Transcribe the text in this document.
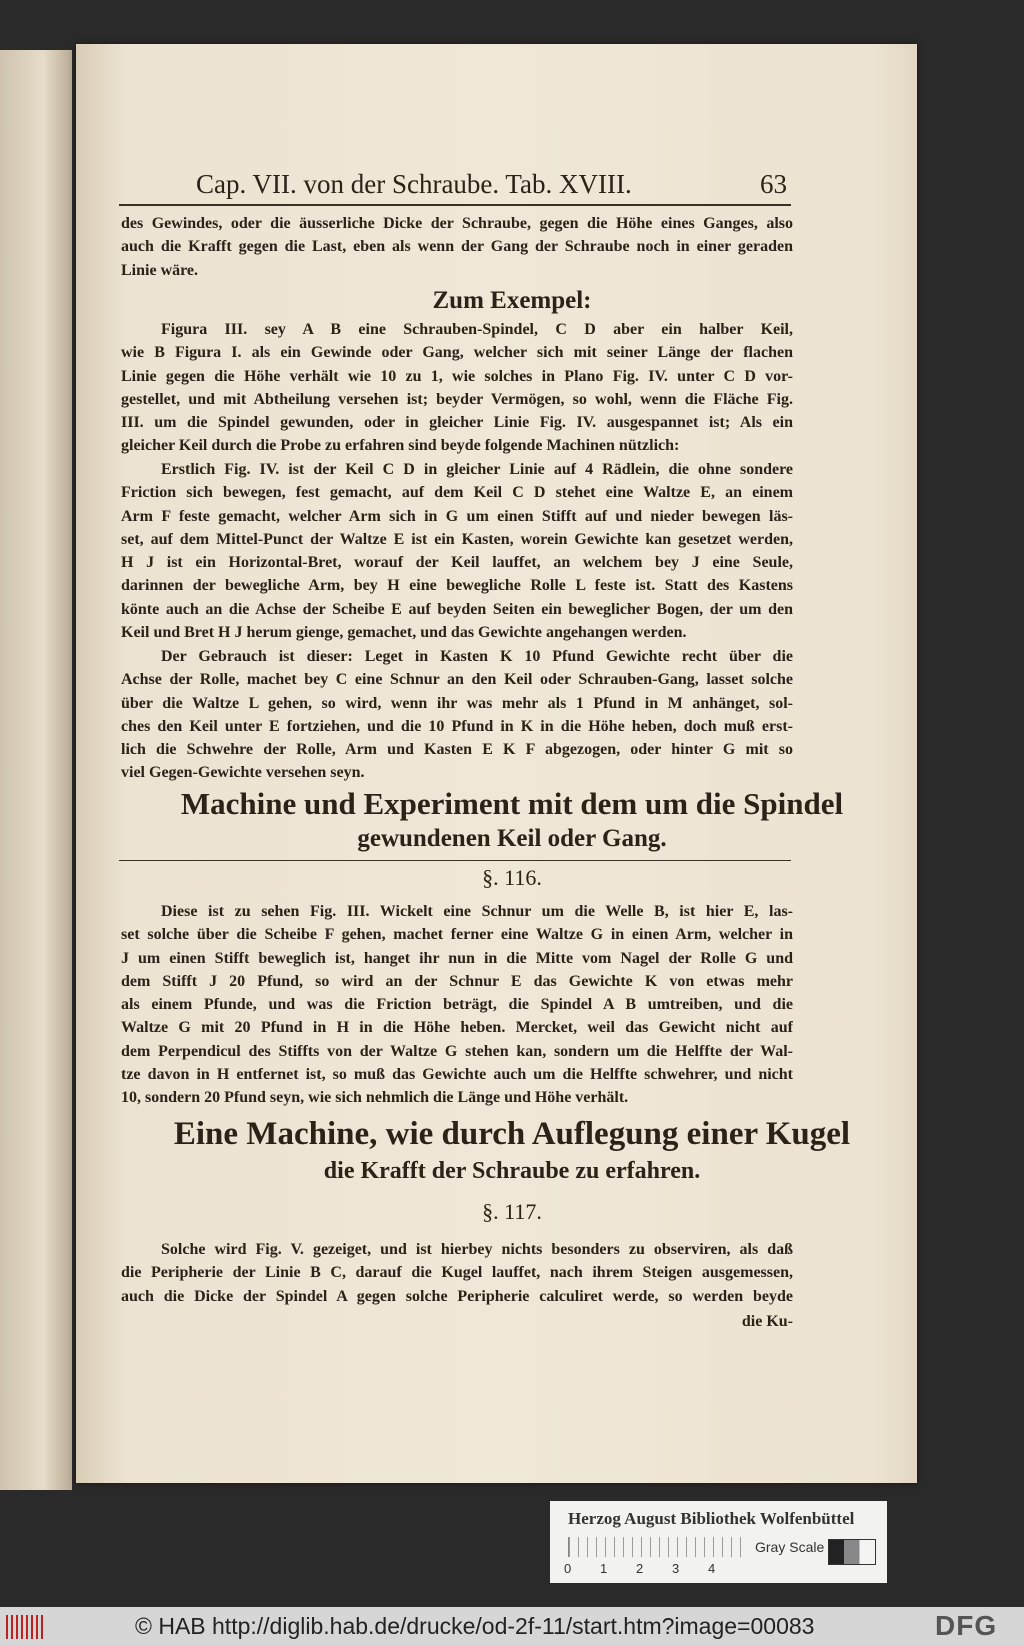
Cap. VII. von der Schraube. Tab. XVIII.	63
des Gewindes, oder die äusserliche Dicke der Schraube, gegen die Höhe eines Ganges, also
auch die Krafft gegen die Last, eben als wenn der Gang der Schraube noch in einer geraden
Linie wäre.
Zum Exempel:
Figura III. sey A B eine Schrauben-Spindel, C D aber ein halber Keil,
wie B Figura I. als ein Gewinde oder Gang, welcher sich mit seiner Länge der flachen
Linie gegen die Höhe verhält wie 10 zu 1, wie solches in Plano Fig. IV. unter C D vor-
gestellet, und mit Abtheilung versehen ist; beyder Vermögen, so wohl, wenn die Fläche Fig.
III. um die Spindel gewunden, oder in gleicher Linie Fig. IV. ausgespannet ist; Als ein
gleicher Keil durch die Probe zu erfahren sind beyde folgende Machinen nützlich:
Erstlich Fig. IV. ist der Keil C D in gleicher Linie auf 4 Rädlein, die ohne sondere
Friction sich bewegen, fest gemacht, auf dem Keil C D stehet eine Waltze E, an einem
Arm F feste gemacht, welcher Arm sich in G um einen Stifft auf und nieder bewegen läs-
set, auf dem Mittel-Punct der Waltze E ist ein Kasten, worein Gewichte kan gesetzet werden,
H J ist ein Horizontal-Bret, worauf der Keil lauffet, an welchem bey J eine Seule,
darinnen der bewegliche Arm, bey H eine bewegliche Rolle L feste ist. Statt des Kastens
könte auch an die Achse der Scheibe E auf beyden Seiten ein beweglicher Bogen, der um den
Keil und Bret H J herum gienge, gemachet, und das Gewichte angehangen werden.
Der Gebrauch ist dieser: Leget in Kasten K 10 Pfund Gewichte recht über die
Achse der Rolle, machet bey C eine Schnur an den Keil oder Schrauben-Gang, lasset solche
über die Waltze L gehen, so wird, wenn ihr was mehr als 1 Pfund in M anhänget, sol-
ches den Keil unter E fortziehen, und die 10 Pfund in K in die Höhe heben, doch muß erst-
lich die Schwehre der Rolle, Arm und Kasten E K F abgezogen, oder hinter G mit so
viel Gegen-Gewichte versehen seyn.
Machine und Experiment mit dem um die Spindel
gewundenen Keil oder Gang.
§. 116.
Diese ist zu sehen Fig. III. Wickelt eine Schnur um die Welle B, ist hier E, las-
set solche über die Scheibe F gehen, machet ferner eine Waltze G in einen Arm, welcher in
J um einen Stifft beweglich ist, hanget ihr nun in die Mitte vom Nagel der Rolle G und
dem Stifft J 20 Pfund, so wird an der Schnur E das Gewichte K von etwas mehr
als einem Pfunde, und was die Friction beträgt, die Spindel A B umtreiben, und die
Waltze G mit 20 Pfund in H in die Höhe heben. Mercket, weil das Gewicht nicht auf
dem Perpendicul des Stiffts von der Waltze G stehen kan, sondern um die Helffte der Wal-
tze davon in H entfernet ist, so muß das Gewichte auch um die Helffte schwehrer, und nicht
10, sondern 20 Pfund seyn, wie sich nehmlich die Länge und Höhe verhält.
Eine Machine, wie durch Auflegung einer Kugel
die Krafft der Schraube zu erfahren.
§. 117.
Solche wird Fig. V. gezeiget, und ist hierbey nichts besonders zu observiren, als daß
die Peripherie der Linie B C, darauf die Kugel lauffet, nach ihrem Steigen ausgemessen,
auch die Dicke der Spindel A gegen solche Peripherie calculiret werde, so werden beyde
die Ku-
Herzog August Bibliothek Wolfenbüttel
0 1 2 3 4
Gray Scale
© HAB http://diglib.hab.de/drucke/od-2f-11/start.htm?image=00083	DFG
